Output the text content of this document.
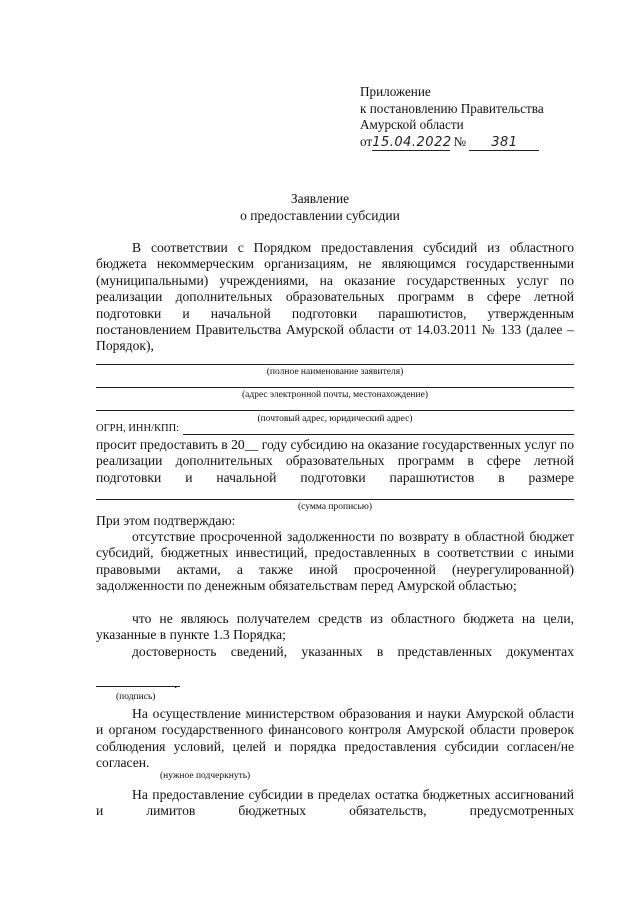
Приложение
к постановлению Правительства
Амурской области
от15.04.2022 № 381
Заявление
о предоставлении субсидии
В соответствии с Порядком предоставления субсидий из областного бюджета некоммерческим организациям, не являющимся государственными (муниципальными) учреждениями, на оказание государственных услуг по реализации дополнительных образовательных программ в сфере летной подготовки и начальной подготовки парашютистов, утвержденным постановлением Правительства Амурской области от 14.03.2011 № 133 (далее – Порядок),
(полное наименование заявителя)
(адрес электронной почты, местонахождение)
(почтовый адрес, юридический адрес)
ОГРН, ИНН/КПП:
просит предоставить в 20__ году субсидию на оказание государственных услуг по реализации дополнительных образовательных программ в сфере летной подготовки и начальной подготовки парашютистов в размере
(сумма прописью)
При этом подтверждаю:
отсутствие просроченной задолженности по возврату в областной бюджет субсидий, бюджетных инвестиций, предоставленных в соответствии с иными правовыми актами, а также иной просроченной (неурегулированной) задолженности по денежным обязательствам перед Амурской областью;
что не являюсь получателем средств из областного бюджета на цели, указанные в пункте 1.3 Порядка;
достоверность сведений, указанных в представленных документах
.
(подпись)
На осуществление министерством образования и науки Амурской области и органом государственного финансового контроля Амурской области проверок соблюдения условий, целей и порядка предоставления субсидии согласен/не согласен.
(нужное подчеркнуть)
На предоставление субсидии в пределах остатка бюджетных ассигнований и лимитов бюджетных обязательств, предусмотренных
